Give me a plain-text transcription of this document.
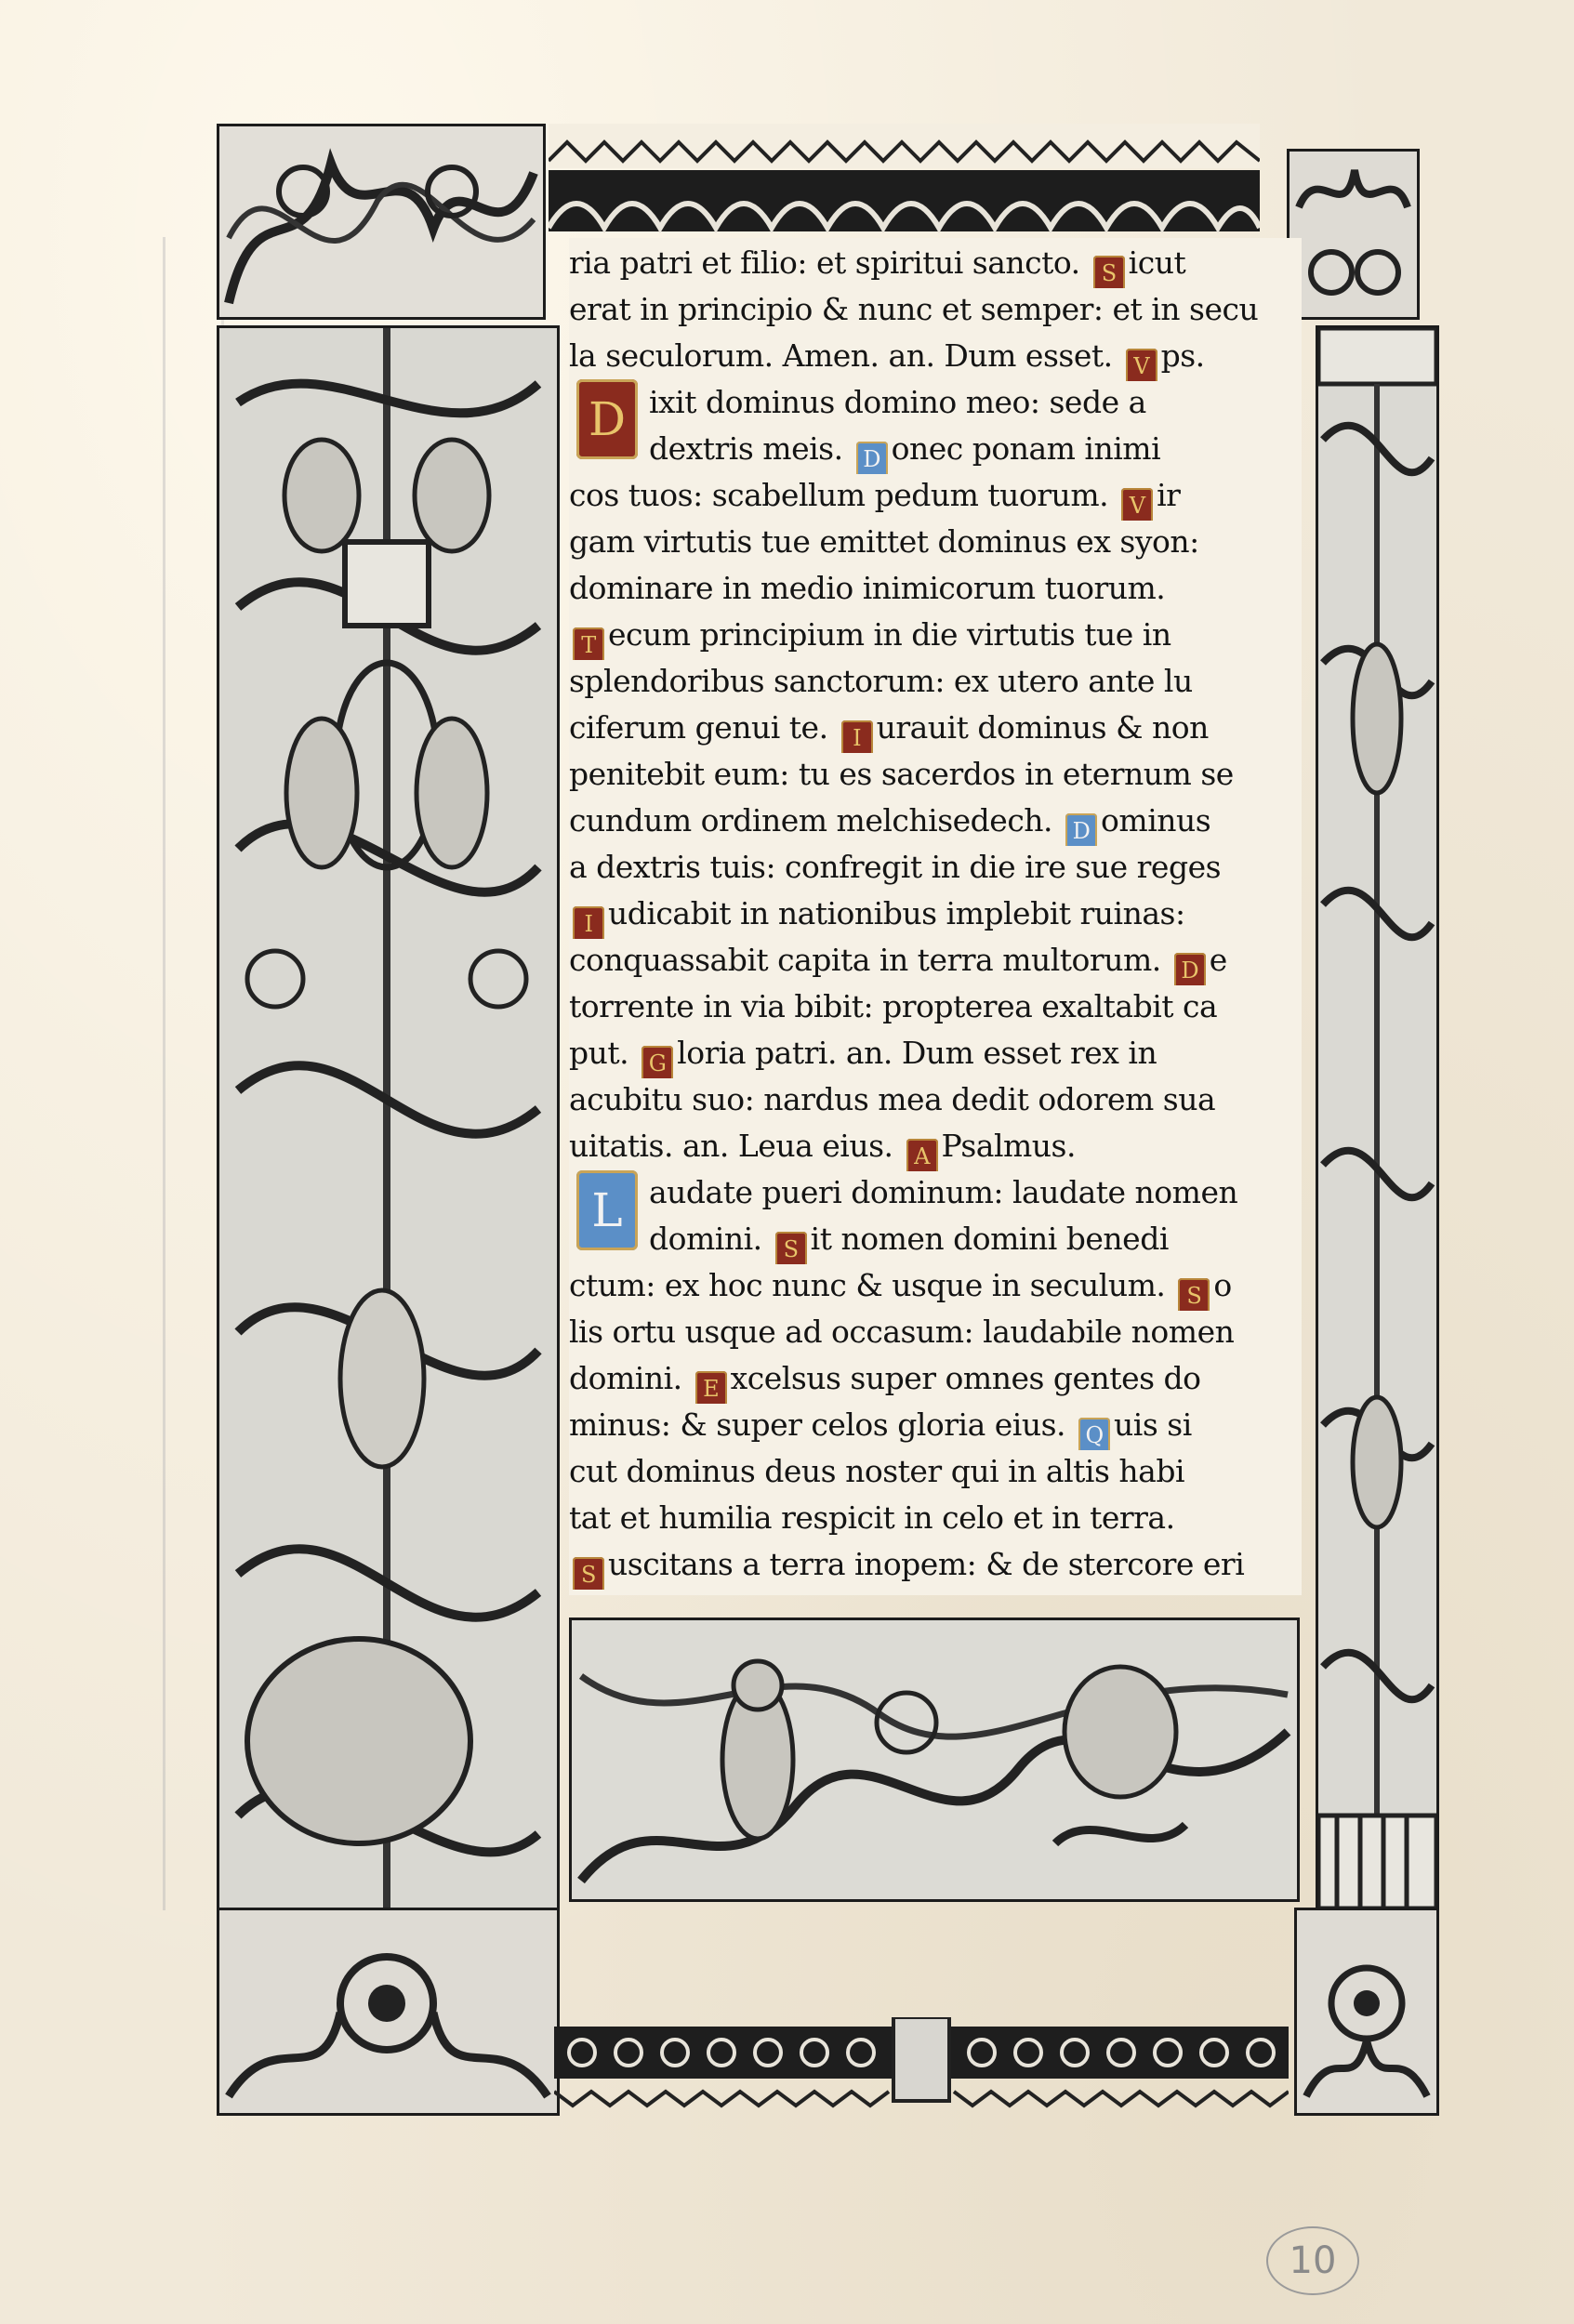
ria patri et filio: et spiritui sancto. S icut
erat in principio & nunc et semper: et in secu
la seculorum. Amen. an. Dum esset. V ps.
D ixit dominus domino meo: sede a
dextris meis. D onec ponam inimi
cos tuos: scabellum pedum tuorum. V ir
gam virtutis tue emittet dominus ex syon:
dominare in medio inimicorum tuorum.
T ecum principium in die virtutis tue in
splendoribus sanctorum: ex utero ante lu
ciferum genui te. I urauit dominus & non
penitebit eum: tu es sacerdos in eternum se
cundum ordinem melchisedech. D ominus
a dextris tuis: confregit in die ire sue reges
I udicabit in nationibus implebit ruinas:
conquassabit capita in terra multorum. D e
torrente in via bibit: propterea exaltabit ca
put. G loria patri. an. Dum esset rex in
acubitu suo: nardus mea dedit odorem sua
uitatis. an. Leua eius. A Psalmus.
L audate pueri dominum: laudate nomen
domini. S it nomen domini benedi
ctum: ex hoc nunc & usque in seculum. S o
lis ortu usque ad occasum: laudabile nomen
domini. E xcelsus super omnes gentes do
minus: & super celos gloria eius. Q uis si
cut dominus deus noster qui in altis habi
tat et humilia respicit in celo et in terra.
S uscitans a terra inopem: & de stercore eri
10
